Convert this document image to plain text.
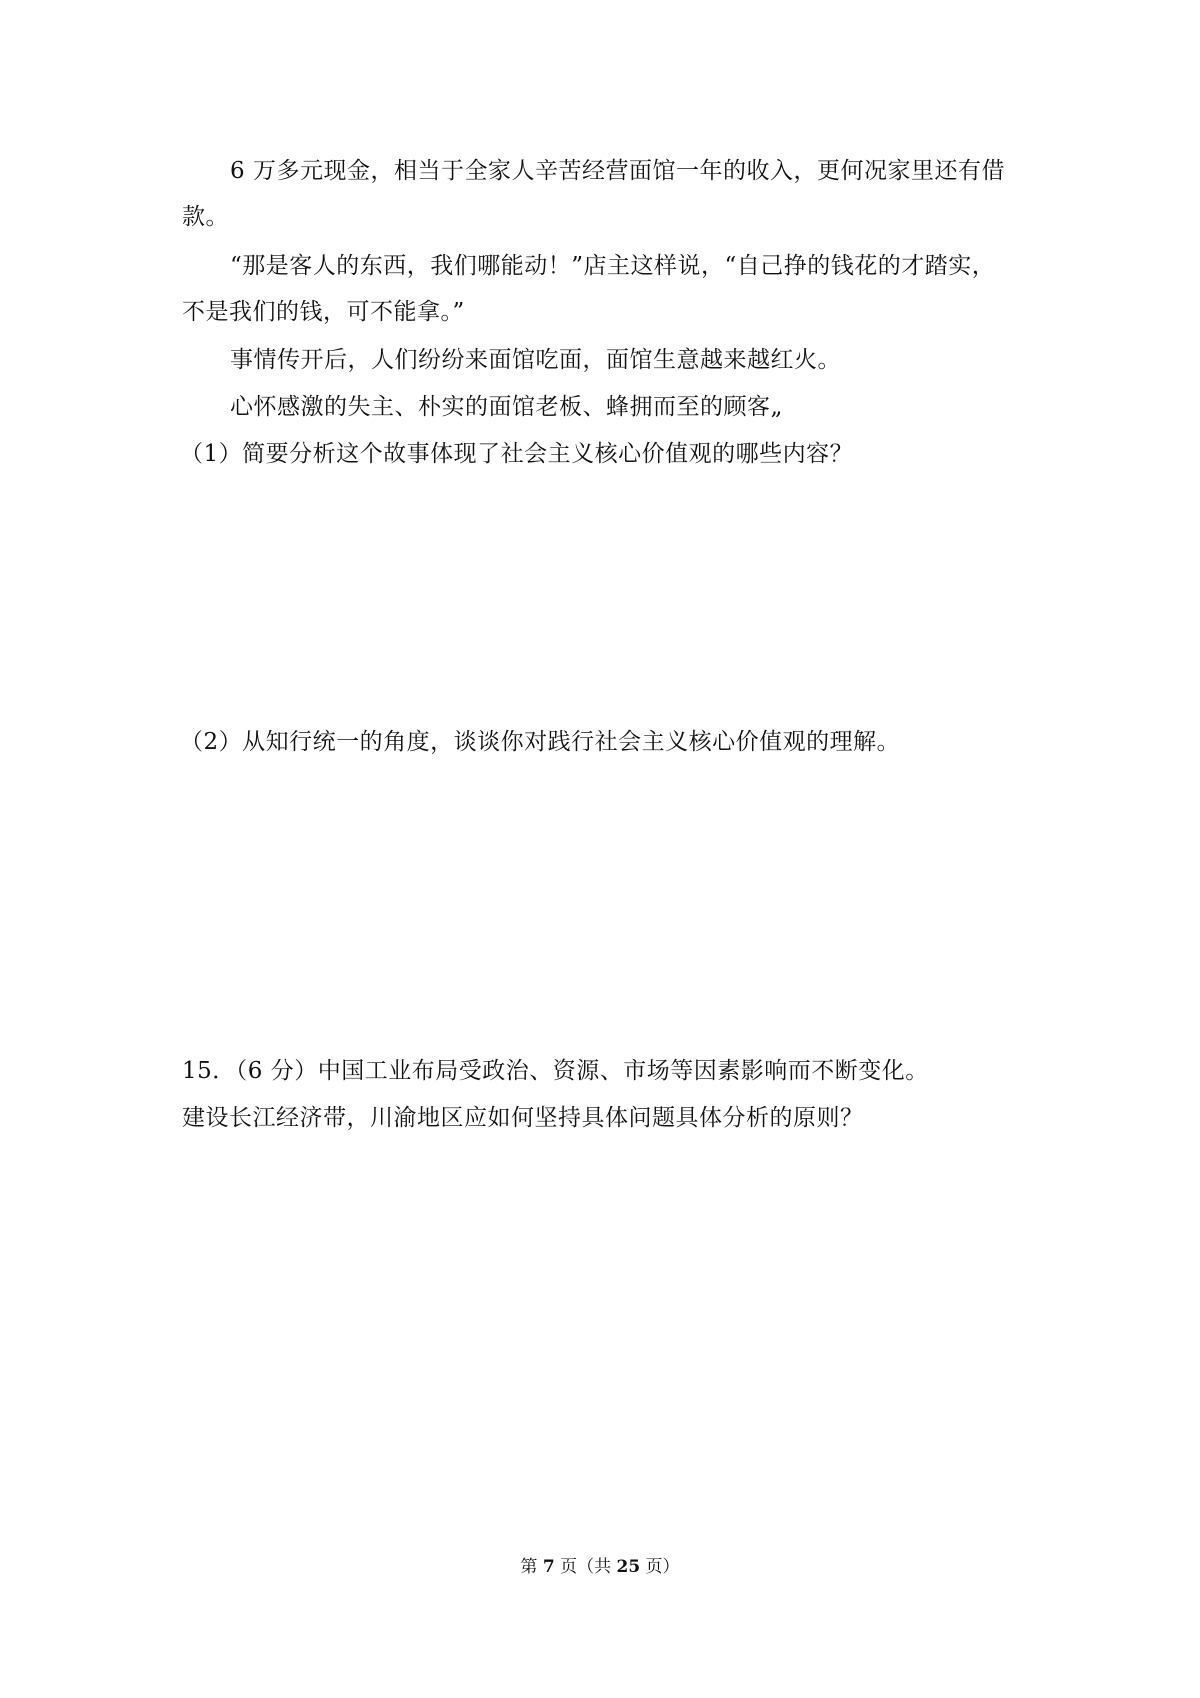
6 万多元现金，相当于全家人辛苦经营面馆一年的收入，更何况家里还有借
款。
“那是客人的东西，我们哪能动！”店主这样说，“自己挣的钱花的才踏实，
不是我们的钱，可不能拿。”
事情传开后，人们纷纷来面馆吃面，面馆生意越来越红火。
心怀感激的失主、朴实的面馆老板、蜂拥而至的顾客„
（1）简要分析这个故事体现了社会主义核心价值观的哪些内容？
（2）从知行统一的角度，谈谈你对践行社会主义核心价值观的理解。
15．（6 分）中国工业布局受政治、资源、市场等因素影响而不断变化。
建设长江经济带，川渝地区应如何坚持具体问题具体分析的原则？
第 7 页（共 25 页）
